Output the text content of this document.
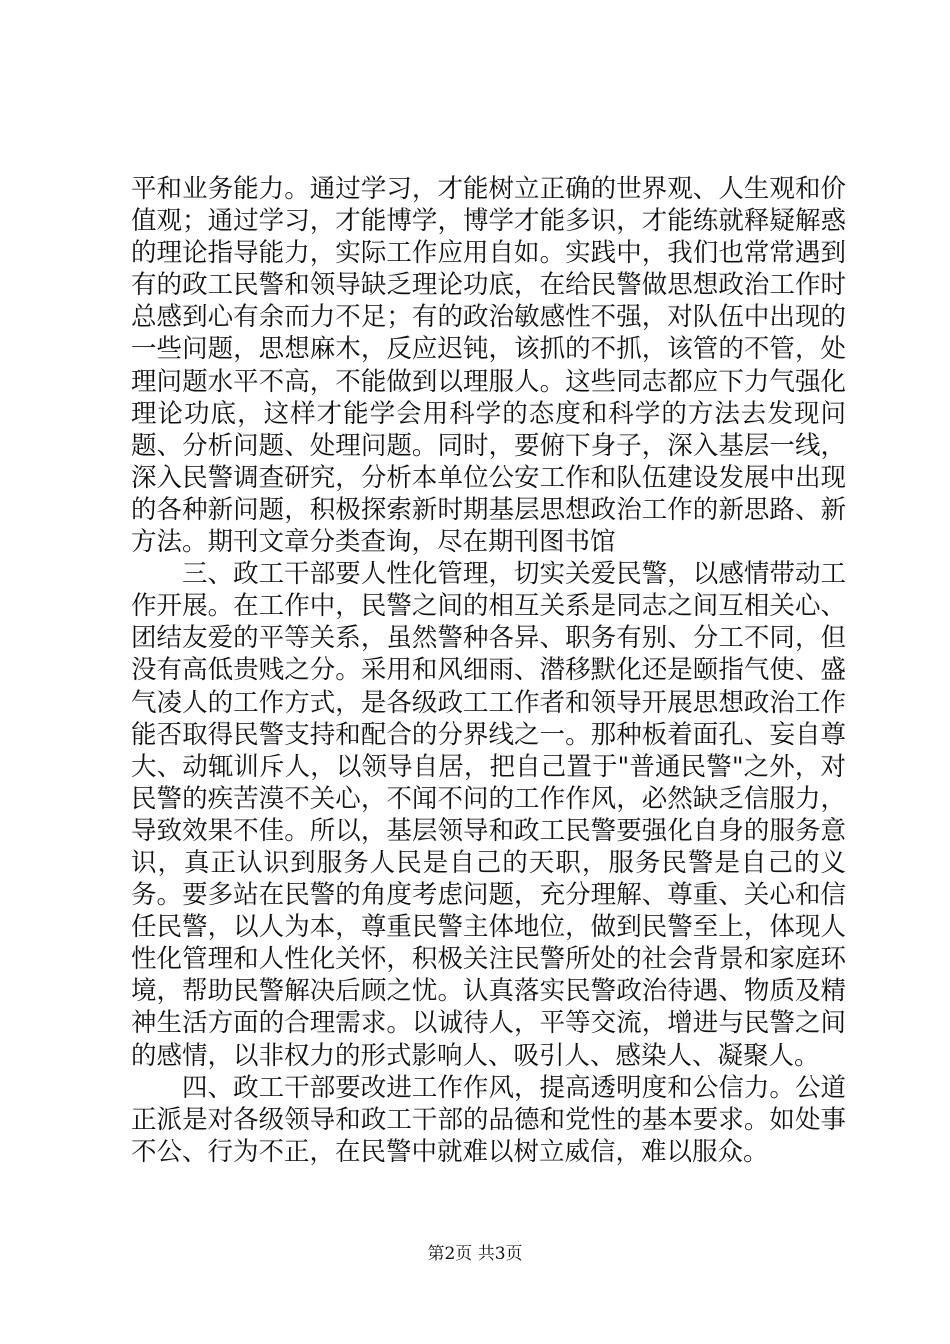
平和业务能力。通过学习，才能树立正确的世界观、人生观和价值观；通过学习，才能博学，博学才能多识，才能练就释疑解惑的理论指导能力，实际工作应用自如。实践中，我们也常常遇到有的政工民警和领导缺乏理论功底，在给民警做思想政治工作时总感到心有余而力不足；有的政治敏感性不强，对队伍中出现的一些问题，思想麻木，反应迟钝，该抓的不抓，该管的不管，处理问题水平不高，不能做到以理服人。这些同志都应下力气强化理论功底，这样才能学会用科学的态度和科学的方法去发现问题、分析问题、处理问题。同时，要俯下身子，深入基层一线，深入民警调查研究，分析本单位公安工作和队伍建设发展中出现的各种新问题，积极探索新时期基层思想政治工作的新思路、新方法。期刊文章分类查询，尽在期刊图书馆

三、政工干部要人性化管理，切实关爱民警，以感情带动工作开展。在工作中，民警之间的相互关系是同志之间互相关心、团结友爱的平等关系，虽然警种各异、职务有别、分工不同，但没有高低贵贱之分。采用和风细雨、潜移默化还是颐指气使、盛气凌人的工作方式，是各级政工工作者和领导开展思想政治工作能否取得民警支持和配合的分界线之一。那种板着面孔、妄自尊大、动辄训斥人，以领导自居，把自己置于"普通民警"之外，对民警的疾苦漠不关心，不闻不问的工作作风，必然缺乏信服力，导致效果不佳。所以，基层领导和政工民警要强化自身的服务意识，真正认识到服务人民是自己的天职，服务民警是自己的义务。要多站在民警的角度考虑问题，充分理解、尊重、关心和信任民警，以人为本，尊重民警主体地位，做到民警至上，体现人性化管理和人性化关怀，积极关注民警所处的社会背景和家庭环境，帮助民警解决后顾之忧。认真落实民警政治待遇、物质及精神生活方面的合理需求。以诚待人，平等交流，增进与民警之间的感情，以非权力的形式影响人、吸引人、感染人、凝聚人。

四、政工干部要改进工作作风，提高透明度和公信力。公道正派是对各级领导和政工干部的品德和党性的基本要求。如处事不公、行为不正，在民警中就难以树立威信，难以服众。

第2页 共3页
